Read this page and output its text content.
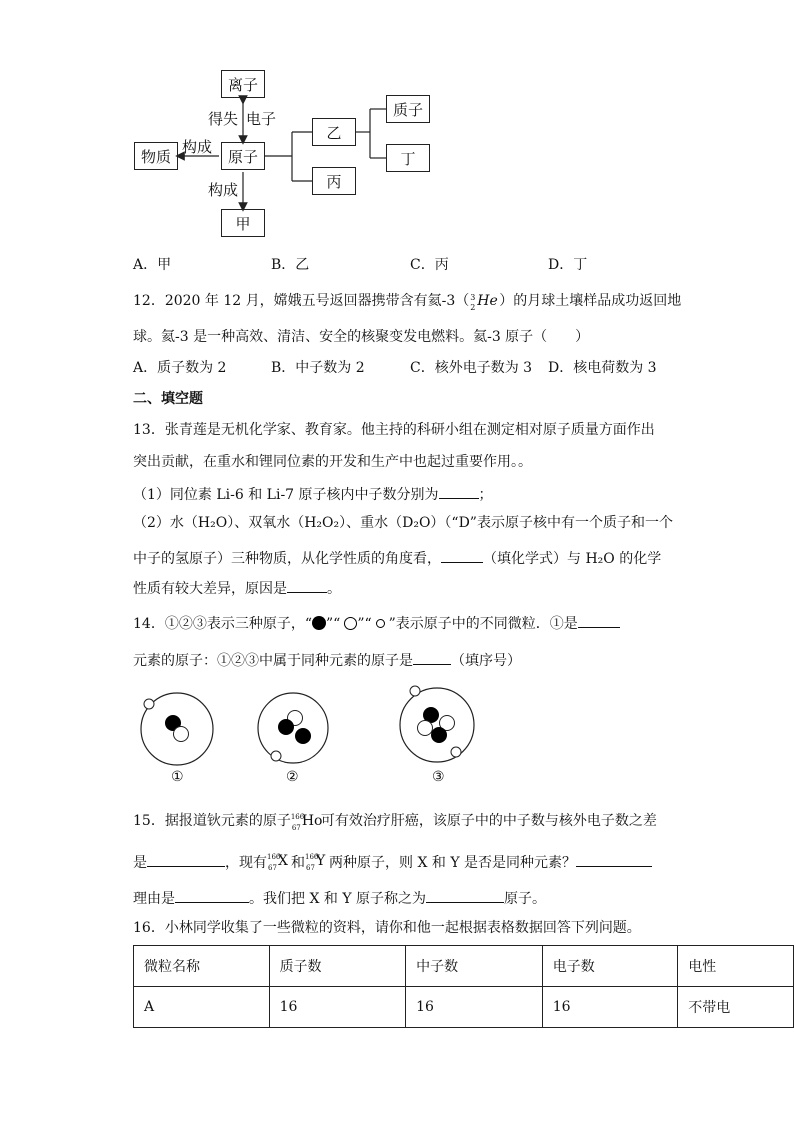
离子
原子
物质
甲
乙
丙
质子
丁
得失 电子
构成
构成
A．甲	B．乙	C．丙	D．丁
12．2020 年 12 月，嫦娥五号返回器携带含有氦-3（ 3
2 He ）的月球土壤样品成功返回地
球。氦-3 是一种高效、清洁、安全的核聚变发电燃料。氦-3 原子（　　）
A．质子数为 2	B．中子数为 2	C．核外电子数为 3 D．核电荷数为 3
二、填空题
13．张青莲是无机化学家、教育家。他主持的科研小组在测定相对原子质量方面作出
突出贡献，在重水和锂同位素的开发和生产中也起过重要作用。。
（1）同位素 Li-6 和 Li-7 原子核内中子数分别为	；
（2）水（H₂O）、双氧水（H₂O₂）、重水（D₂O）（“D”表示原子核中有一个质子和一个
中子的氢原子）三种物质，从化学性质的角度看，	（填化学式）与 H₂O 的化学
性质有较大差异，原因是	。
14．①②③表示三种原子，“ ”“ ”“ ”表示原子中的不同微粒．①是
元素的原子：①②③中属于同种元素的原子是	（填序号）
①	②	③
15．据报道钬元素的原子 166
67 Ho
可有效治疗肝癌，该原子中的中子数与核外电子数之差
是	，现有 166
67 X 和 166
67 Y 两种原子，则 X 和 Y 是否是同种元素？
理由是	。我们把 X 和 Y 原子称之为	原子。
16．小林同学收集了一些微粒的资料，请你和他一起根据表格数据回答下列问题。
微粒名称	质子数	中子数	电子数	电性
A	16	16	16	不带电
